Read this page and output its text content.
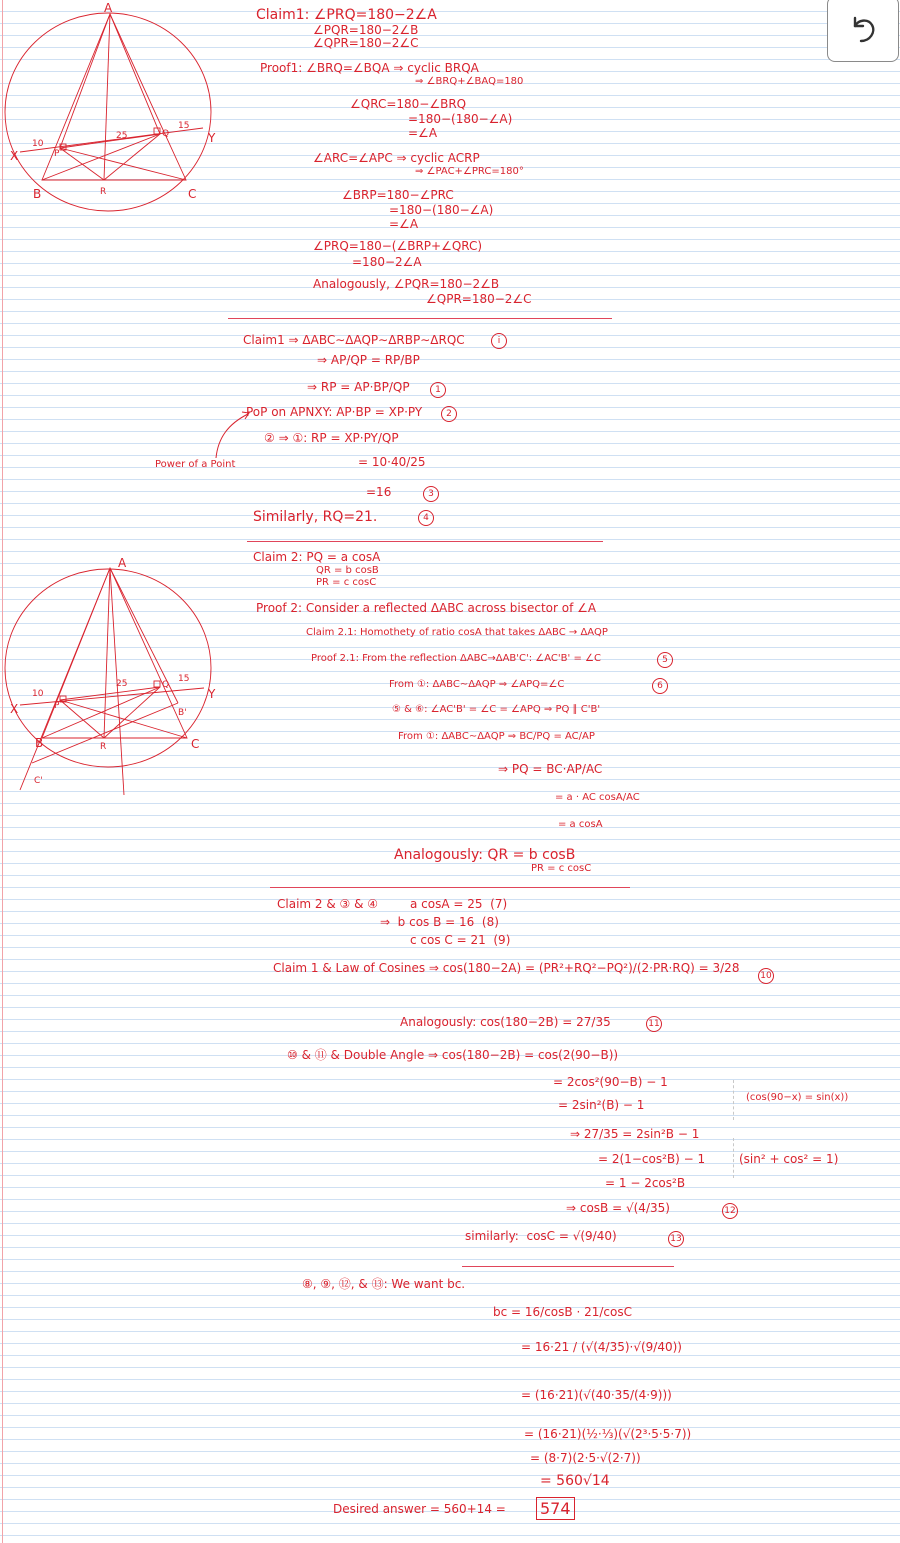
A
B	C
X
Y
P
Q
R
10
25
15
A
B	C
X
Y
P
Q
R
B'
C'
10
25	15
Claim1: ∠PRQ=180−2∠A
∠PQR=180−2∠B
∠QPR=180−2∠C
Proof1: ∠BRQ=∠BQA ⇒ cyclic BRQA
⇒ ∠BRQ+∠BAQ=180
∠QRC=180−∠BRQ
=180−(180−∠A)
=∠A
∠ARC=∠APC ⇒ cyclic ACRP
⇒ ∠PAC+∠PRC=180°
∠BRP=180−∠PRC
=180−(180−∠A)
=∠A
∠PRQ=180−(∠BRP+∠QRC)
=180−2∠A
Analogously, ∠PQR=180−2∠B
∠QPR=180−2∠C
Claim1 ⇒ ΔABC∼ΔAQP∼ΔRBP∼ΔRQC	i
⇒ AP/QP = RP/BP
⇒ RP = AP·BP/QP	1
PoP on APNXY: AP·BP = XP·PY	2
② ⇒ ①: RP = XP·PY/QP
= 10·40/25
=16	3
Similarly, RQ=21.	4
Power of a Point
Claim 2: PQ = a cosA
QR = b cosB
PR = c cosC
Proof 2: Consider a reflected ΔABC across bisector of ∠A
Claim 2.1: Homothety of ratio cosA that takes ΔABC → ΔAQP
Proof 2.1: From the reflection ΔABC→ΔAB'C': ∠AC'B' = ∠C	5
From ①: ΔABC∼ΔAQP ⇒ ∠APQ=∠C	6
⑤ & ⑥: ∠AC'B' = ∠C = ∠APQ ⇒ PQ ∥ C'B'
From ①: ΔABC∼ΔAQP ⇒ BC/PQ = AC/AP
⇒ PQ = BC·AP/AC
= a · AC cosA/AC
= a cosA
Analogously: QR = b cosB
PR = c cosC
Claim 2 & ③ & ④	a cosA = 25  (7)
⇒  b cos B = 16  (8)
c cos C = 21  (9)
Claim 1 & Law of Cosines ⇒ cos(180−2A) = (PR²+RQ²−PQ²)/(2·PR·RQ) = 3/28
10
Analogously: cos(180−2B) = 27/35	11
⑩ & ⑪ & Double Angle ⇒ cos(180−2B) = cos(2(90−B))
= 2cos²(90−B) − 1
= 2sin²(B) − 1
⇒ 27/35 = 2sin²B − 1
= 2(1−cos²B) − 1
= 1 − 2cos²B
⇒ cosB = √(4/35)	12
similarly:  cosC = √(9/40)	13
(cos(90−x) = sin(x))
(sin² + cos² = 1)
⑧, ⑨, ⑫, & ⑬: We want bc.
bc = 16/cosB · 21/cosC
= 16·21 / (√(4/35)·√(9/40))
= (16·21)(√(40·35/(4·9)))
= (16·21)(½·⅓)(√(2³·5·5·7))
= (8·7)(2·5·√(2·7))
= 560√14
Desired answer = 560+14 = 574
